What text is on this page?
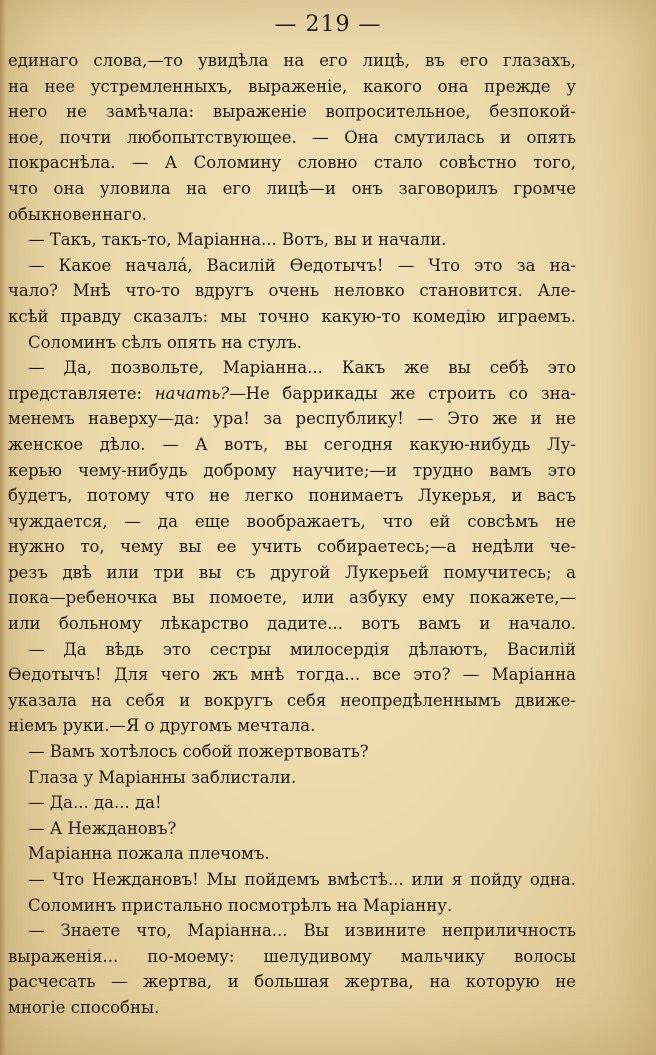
— 219 —
единаго слова,—то увидѣла на его лицѣ, въ его глазахъ,
на нее устремленныхъ, выраженіе, какого она прежде у
него не замѣчала: выраженіе вопросительное, безпокой-
ное, почти любопытствующее. — Она смутилась и опять
покраснѣла. — А Соломину словно стало совѣстно того,
что она уловила на его лицѣ—и онъ заговорилъ громче
обыкновеннаго.
— Такъ, такъ-то, Маріанна... Вотъ, вы и начали.
— Какое началá, Василій Ѳедотычъ! — Что это за на-
чало? Мнѣ что-то вдругъ очень неловко становится. Але-
ксѣй правду сказалъ: мы точно какую-то комедію играемъ.
Соломинъ сѣлъ опять на стулъ.
— Да, позвольте, Маріанна... Какъ же вы себѣ это
представляете: начать?—Не баррикады же строить со зна-
менемъ наверху—да: ура! за республику! — Это же и не
женское дѣло. — А вотъ, вы сегодня какую-нибудь Лу-
керью чему-нибудь доброму научите;—и трудно вамъ это
будетъ, потому что не легко понимаетъ Лукерья, и васъ
чуждается, — да еще воображаетъ, что ей совсѣмъ не
нужно то, чему вы ее учить собираетесь;—а недѣли че-
резъ двѣ или три вы съ другой Лукерьей помучитесь; а
пока—ребеночка вы помоете, или азбуку ему покажете,—
или больному лѣкарство дадите... вотъ вамъ и начало.
— Да вѣдь это сестры милосердія дѣлаютъ, Василій
Ѳедотычъ! Для чего жъ мнѣ тогда... все это? — Маріанна
указала на себя и вокругъ себя неопредѣленнымъ движе-
ніемъ руки.—Я о другомъ мечтала.
— Вамъ хотѣлось собой пожертвовать?
Глаза у Маріанны заблистали.
— Да... да... да!
— А Неждановъ?
Маріанна пожала плечомъ.
— Что Неждановъ! Мы пойдемъ вмѣстѣ... или я пойду одна.
Соломинъ пристально посмотрѣлъ на Маріанну.
— Знаете что, Маріанна... Вы извините неприличность
выраженія... по-моему: шелудивому мальчику волосы
расчесать — жертва, и большая жертва, на которую не
многіе способны.
